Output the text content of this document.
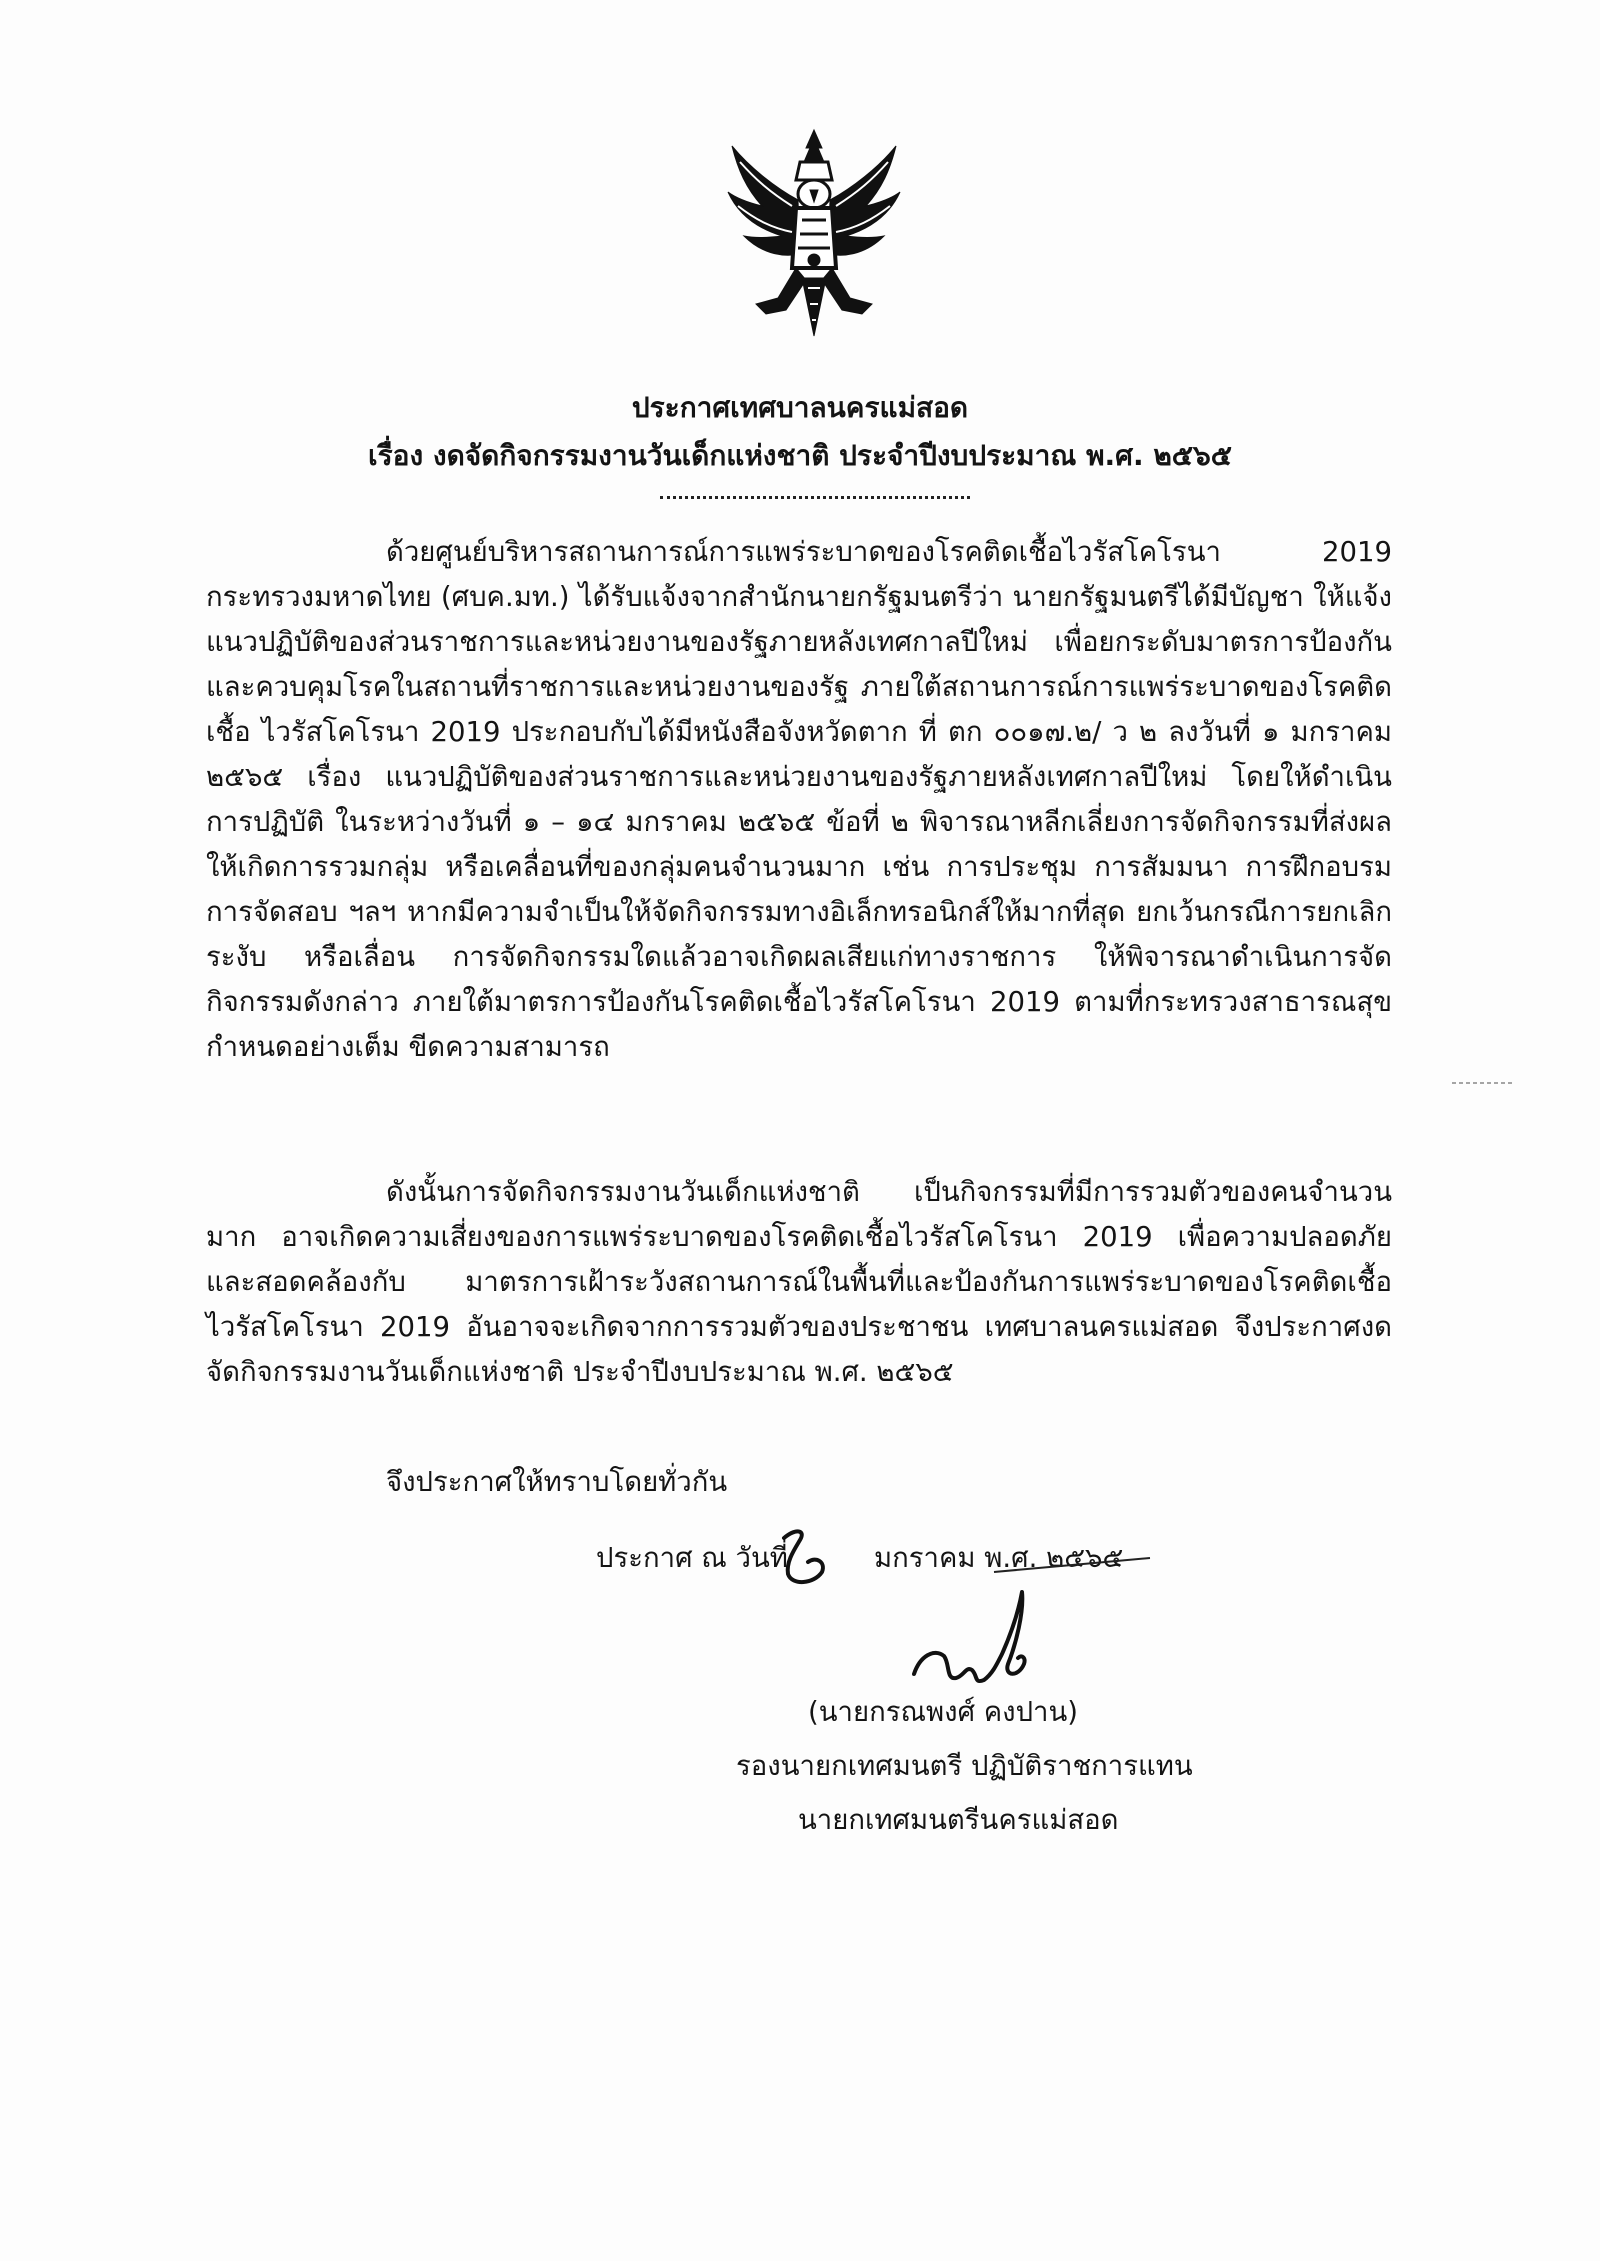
ประกาศเทศบาลนครแม่สอด
เรื่อง งดจัดกิจกรรมงานวันเด็กแห่งชาติ ประจำปีงบประมาณ พ.ศ. ๒๕๖๕

ด้วยศูนย์บริหารสถานการณ์การแพร่ระบาดของโรคติดเชื้อไวรัสโคโรนา 2019 กระทรวงมหาดไทย (ศบค.มท.) ได้รับแจ้งจากสำนักนายกรัฐมนตรีว่า นายกรัฐมนตรีได้มีบัญชา ให้แจ้งแนวปฏิบัติของส่วนราชการและหน่วยงานของรัฐภายหลังเทศกาลปีใหม่ เพื่อยกระดับมาตรการป้องกัน และควบคุมโรคในสถานที่ราชการและหน่วยงานของรัฐ ภายใต้สถานการณ์การแพร่ระบาดของโรคติดเชื้อ ไวรัสโคโรนา 2019 ประกอบกับได้มีหนังสือจังหวัดตาก ที่ ตก ๐๐๑๗.๒/ ว ๒ ลงวันที่ ๑ มกราคม ๒๕๖๕ เรื่อง แนวปฏิบัติของส่วนราชการและหน่วยงานของรัฐภายหลังเทศกาลปีใหม่ โดยให้ดำเนินการปฏิบัติ ในระหว่างวันที่ ๑ – ๑๔ มกราคม ๒๕๖๕ ข้อที่ ๒ พิจารณาหลีกเลี่ยงการจัดกิจกรรมที่ส่งผลให้เกิดการรวมกลุ่ม หรือเคลื่อนที่ของกลุ่มคนจำนวนมาก เช่น การประชุม การสัมมนา การฝึกอบรม การจัดสอบ ฯลฯ หากมีความจำเป็นให้จัดกิจกรรมทางอิเล็กทรอนิกส์ให้มากที่สุด ยกเว้นกรณีการยกเลิก ระงับ หรือเลื่อน การจัดกิจกรรมใดแล้วอาจเกิดผลเสียแก่ทางราชการ ให้พิจารณาดำเนินการจัดกิจกรรมดังกล่าว ภายใต้มาตรการป้องกันโรคติดเชื้อไวรัสโคโรนา 2019 ตามที่กระทรวงสาธารณสุขกำหนดอย่างเต็ม ขีดความสามารถ

ดังนั้นการจัดกิจกรรมงานวันเด็กแห่งชาติ เป็นกิจกรรมที่มีการรวมตัวของคนจำนวนมาก อาจเกิดความเสี่ยงของการแพร่ระบาดของโรคติดเชื้อไวรัสโคโรนา 2019 เพื่อความปลอดภัย และสอดคล้องกับ มาตรการเฝ้าระวังสถานการณ์ในพื้นที่และป้องกันการแพร่ระบาดของโรคติดเชื้อไวรัสโคโรนา 2019 อันอาจจะเกิดจากการรวมตัวของประชาชน เทศบาลนครแม่สอด จึงประกาศงดจัดกิจกรรมงานวันเด็กแห่งชาติ ประจำปีงบประมาณ พ.ศ. ๒๕๖๕

จึงประกาศให้ทราบโดยทั่วกัน
ประกาศ ณ วันที่	มกราคม พ.ศ. ๒๕๖๕
(นายกรณพงศ์ คงปาน)
รองนายกเทศมนตรี ปฏิบัติราชการแทน
นายกเทศมนตรีนครแม่สอด
